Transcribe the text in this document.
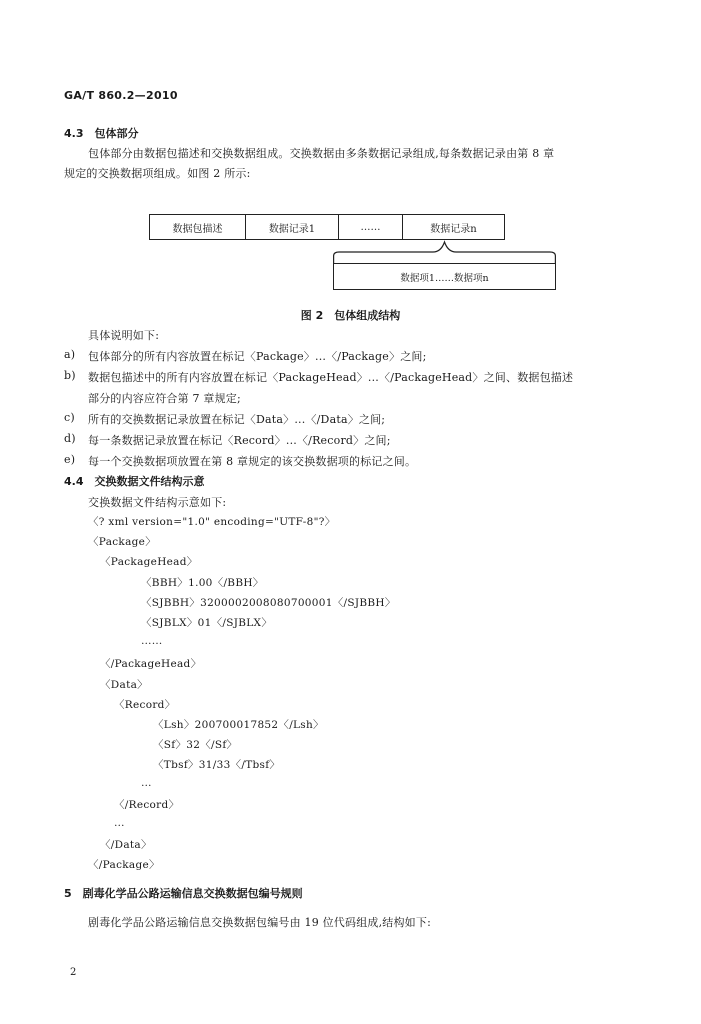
GA/T 860.2—2010
4.3　包体部分
包体部分由数据包描述和交换数据组成。交换数据由多条数据记录组成,每条数据记录由第 8 章
规定的交换数据项组成。如图 2 所示:
数据包描述	数据记录1	……	数据记录n
数据项1……数据项n
图 2　包体组成结构
具体说明如下:
a) 包体部分的所有内容放置在标记〈Package〉...〈/Package〉之间;
b) 数据包描述中的所有内容放置在标记〈PackageHead〉...〈/PackageHead〉之间、数据包描述
部分的内容应符合第 7 章规定;
c) 所有的交换数据记录放置在标记〈Data〉...〈/Data〉之间;
d) 每一条数据记录放置在标记〈Record〉...〈/Record〉之间;
e) 每一个交换数据项放置在第 8 章规定的该交换数据项的标记之间。
4.4　交换数据文件结构示意
交换数据文件结构示意如下:
〈? xml version="1.0" encoding="UTF-8"?〉
〈Package〉
〈PackageHead〉
〈BBH〉1.00〈/BBH〉
〈SJBBH〉3200002008080700001〈/SJBBH〉
〈SJBLX〉01〈/SJBLX〉
……
〈/PackageHead〉
〈Data〉
〈Record〉
〈Lsh〉200700017852〈/Lsh〉
〈Sf〉32〈/Sf〉
〈Tbsf〉31/33〈/Tbsf〉
…
〈/Record〉
…
〈/Data〉
〈/Package〉
5　剧毒化学品公路运输信息交换数据包编号规则
剧毒化学品公路运输信息交换数据包编号由 19 位代码组成,结构如下:
2
